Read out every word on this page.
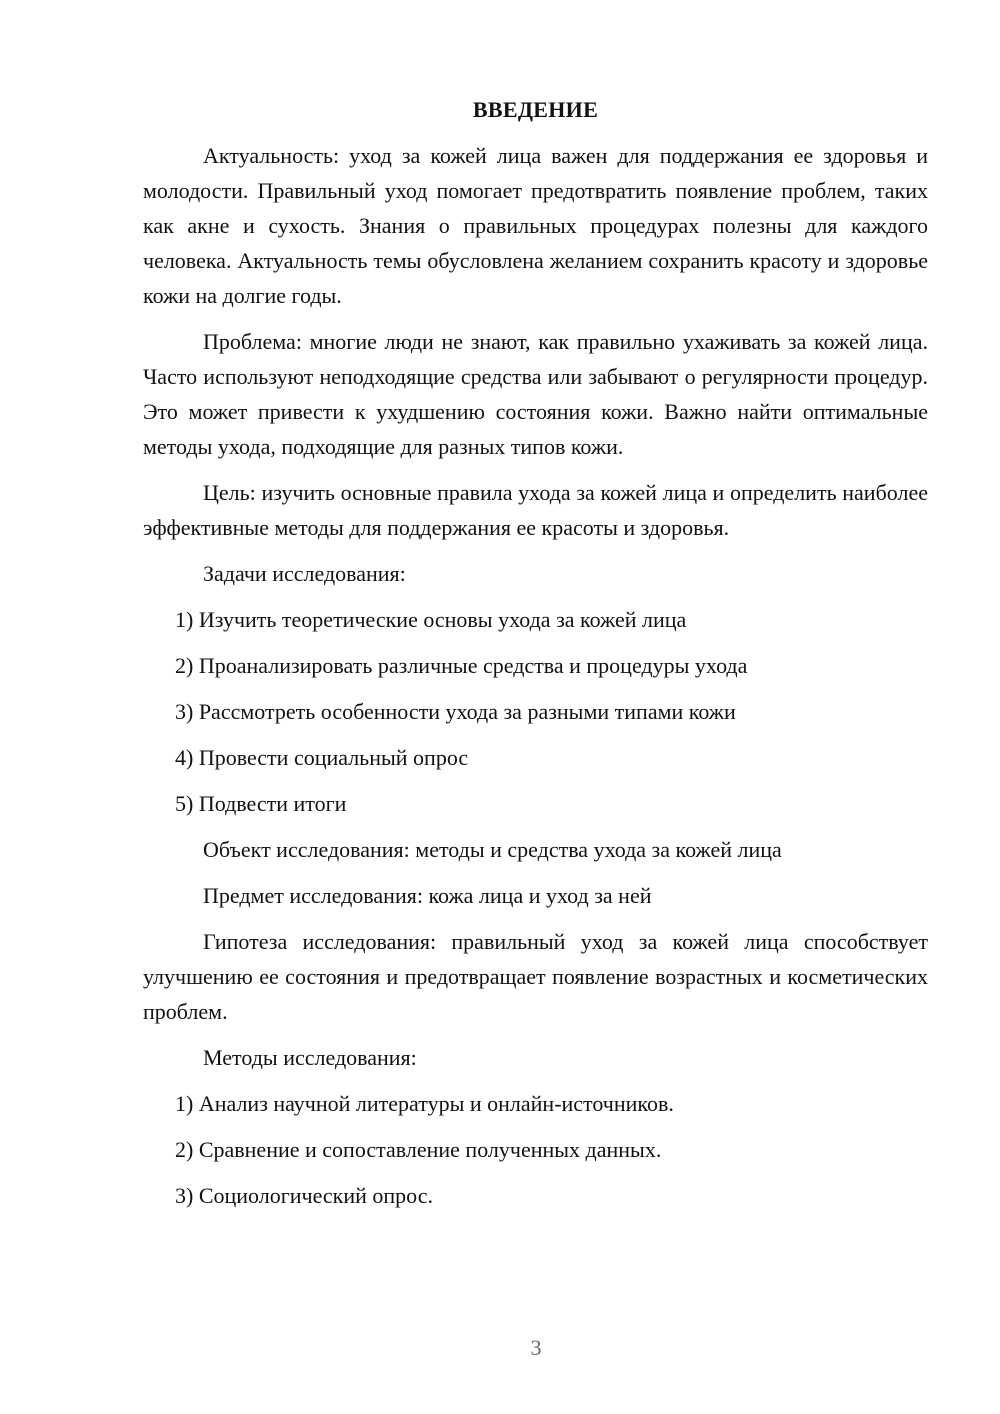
ВВЕДЕНИЕ
Актуальность: уход за кожей лица важен для поддержания ее здоровья и молодости. Правильный уход помогает предотвратить появление проблем, таких как акне и сухость. Знания о правильных процедурах полезны для каждого человека. Актуальность темы обусловлена желанием сохранить красоту и здоровье кожи на долгие годы.
Проблема: многие люди не знают, как правильно ухаживать за кожей лица. Часто используют неподходящие средства или забывают о регулярности процедур. Это может привести к ухудшению состояния кожи. Важно найти оптимальные методы ухода, подходящие для разных типов кожи.
Цель: изучить основные правила ухода за кожей лица и определить наиболее эффективные методы для поддержания ее красоты и здоровья.
Задачи исследования:
1) Изучить теоретические основы ухода за кожей лица
2) Проанализировать различные средства и процедуры ухода
3) Рассмотреть особенности ухода за разными типами кожи
4) Провести социальный опрос
5) Подвести итоги
Объект исследования: методы и средства ухода за кожей лица
Предмет исследования: кожа лица и уход за ней
Гипотеза исследования: правильный уход за кожей лица способствует улучшению ее состояния и предотвращает появление возрастных и косметических проблем.
Методы исследования:
1) Анализ научной литературы и онлайн-источников.
2) Сравнение и сопоставление полученных данных.
3) Социологический опрос.
3
